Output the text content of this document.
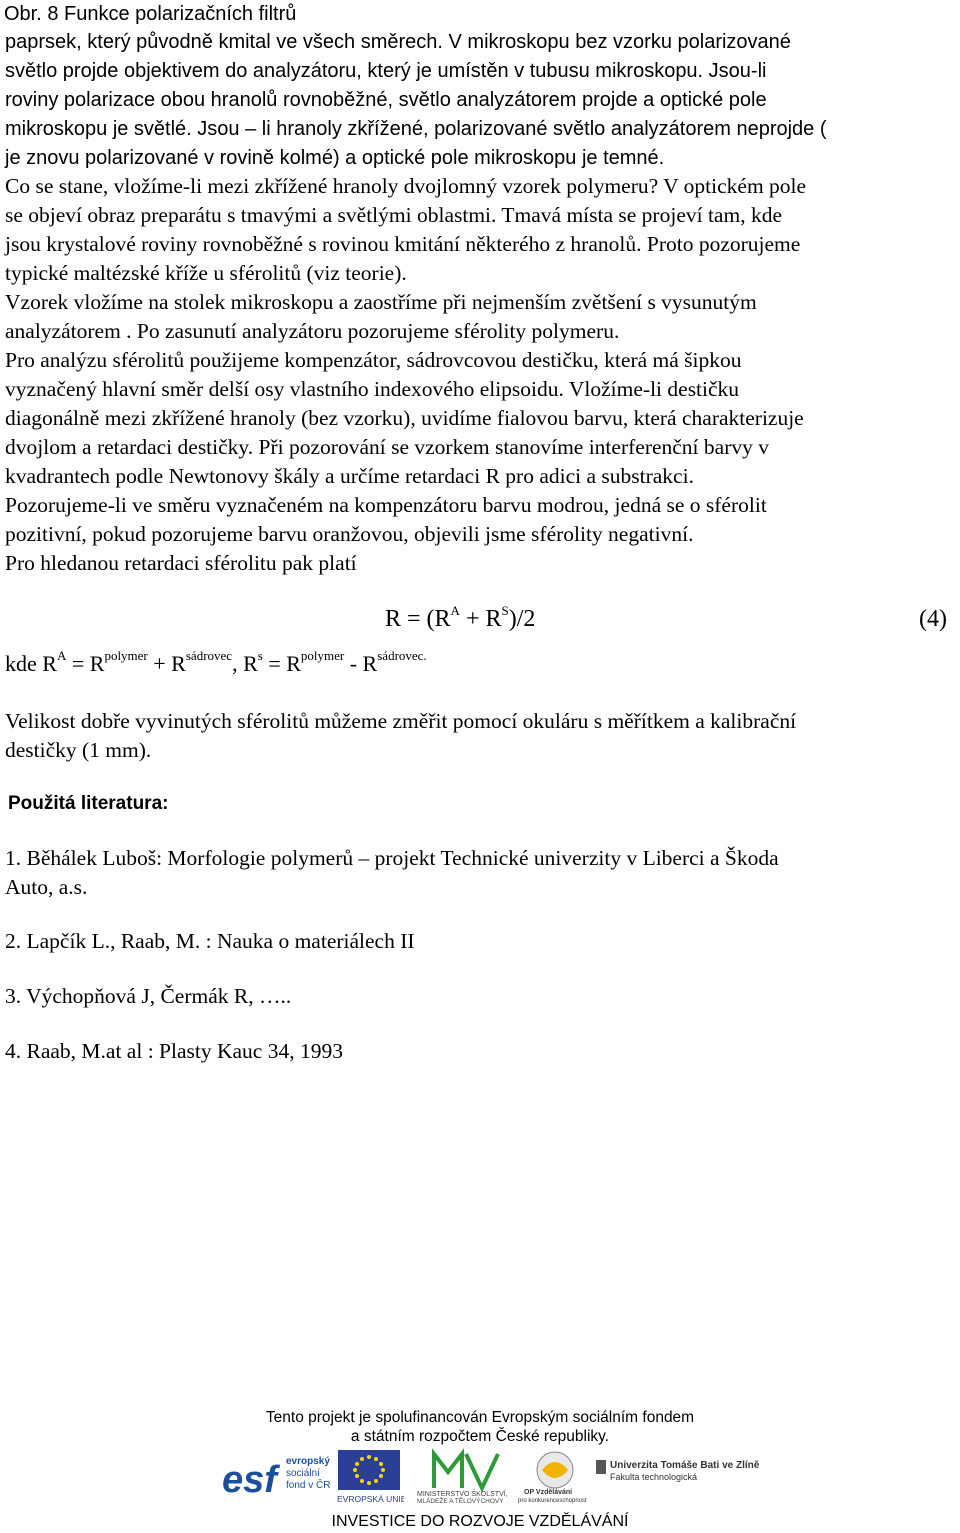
Obr. 8 Funkce polarizačních filtrů
paprsek, který původně kmital ve všech směrech. V mikroskopu bez vzorku polarizované
světlo projde objektivem do analyzátoru, který je umístěn v tubusu mikroskopu. Jsou-li
roviny polarizace obou hranolů rovnoběžné, světlo analyzátorem projde a optické pole
mikroskopu je světlé. Jsou – li hranoly zkřížené, polarizované světlo analyzátorem neprojde (
je znovu polarizované v rovině kolmé) a optické pole mikroskopu je temné.
Co se stane, vložíme-li mezi zkřížené hranoly dvojlomný vzorek polymeru? V optickém pole
se objeví obraz preparátu s tmavými a světlými oblastmi. Tmavá místa se projeví tam, kde
jsou krystalové roviny rovnoběžné s rovinou kmitání některého z hranolů. Proto pozorujeme
typické maltézské kříže u sférolitů (viz teorie).
Vzorek vložíme na stolek mikroskopu a zaostříme při nejmenším zvětšení s vysunutým
analyzátorem . Po zasunutí analyzátoru pozorujeme sférolity polymeru.
Pro analýzu sférolitů použijeme kompenzátor, sádrovcovou destičku, která má šipkou
vyznačený hlavní směr delší osy vlastního indexového elipsoidu. Vložíme-li destičku
diagonálně mezi zkřížené hranoly (bez vzorku), uvidíme fialovou barvu, která charakterizuje
dvojlom a retardaci destičky. Při pozorování se vzorkem stanovíme interferenční barvy v
kvadrantech podle Newtonovy škály a určíme retardaci R pro adici a substrakci.
Pozorujeme-li ve směru vyznačeném na kompenzátoru barvu modrou, jedná se o sférolit
pozitivní, pokud pozorujeme barvu oranžovou, objevili jsme sférolity negativní.
Pro hledanou retardaci sférolitu pak platí
$R = (R^A + R^S)/2$	(4)
kde $R^A = R^{polymer} + R^{sádrovec}$, $R^s = R^{polymer} - R^{sádrovec.}$
Velikost dobře vyvinutých sférolitů můžeme změřit pomocí okuláru s měřítkem a kalibrační
destičky (1 mm).
Použitá literatura:
1. Běhálek Luboš: Morfologie polymerů – projekt Technické univerzity v Liberci a Škoda
Auto, a.s.
2. Lapčík L., Raab, M. : Nauka o materiálech II
3. Výchopňová J, Čermák R, …..
4. Raab, M.at al : Plasty Kauc 34, 1993
Tento projekt je spolufinancován Evropským sociálním fondem
a státním rozpočtem České republiky.
esf evropský
sociální
fond v ČR
EVROPSKÁ UNIE MINISTERSTVO ŠKOLSTVÍ,
MLÁDEŽE A TĚLOVÝCHOVY
OP Vzdělávání
pro konkurenceschopnost
Univerzita Tomáše Bati ve Zlíně
Fakulta technologická
INVESTICE DO ROZVOJE VZDĚLÁVÁNÍ
